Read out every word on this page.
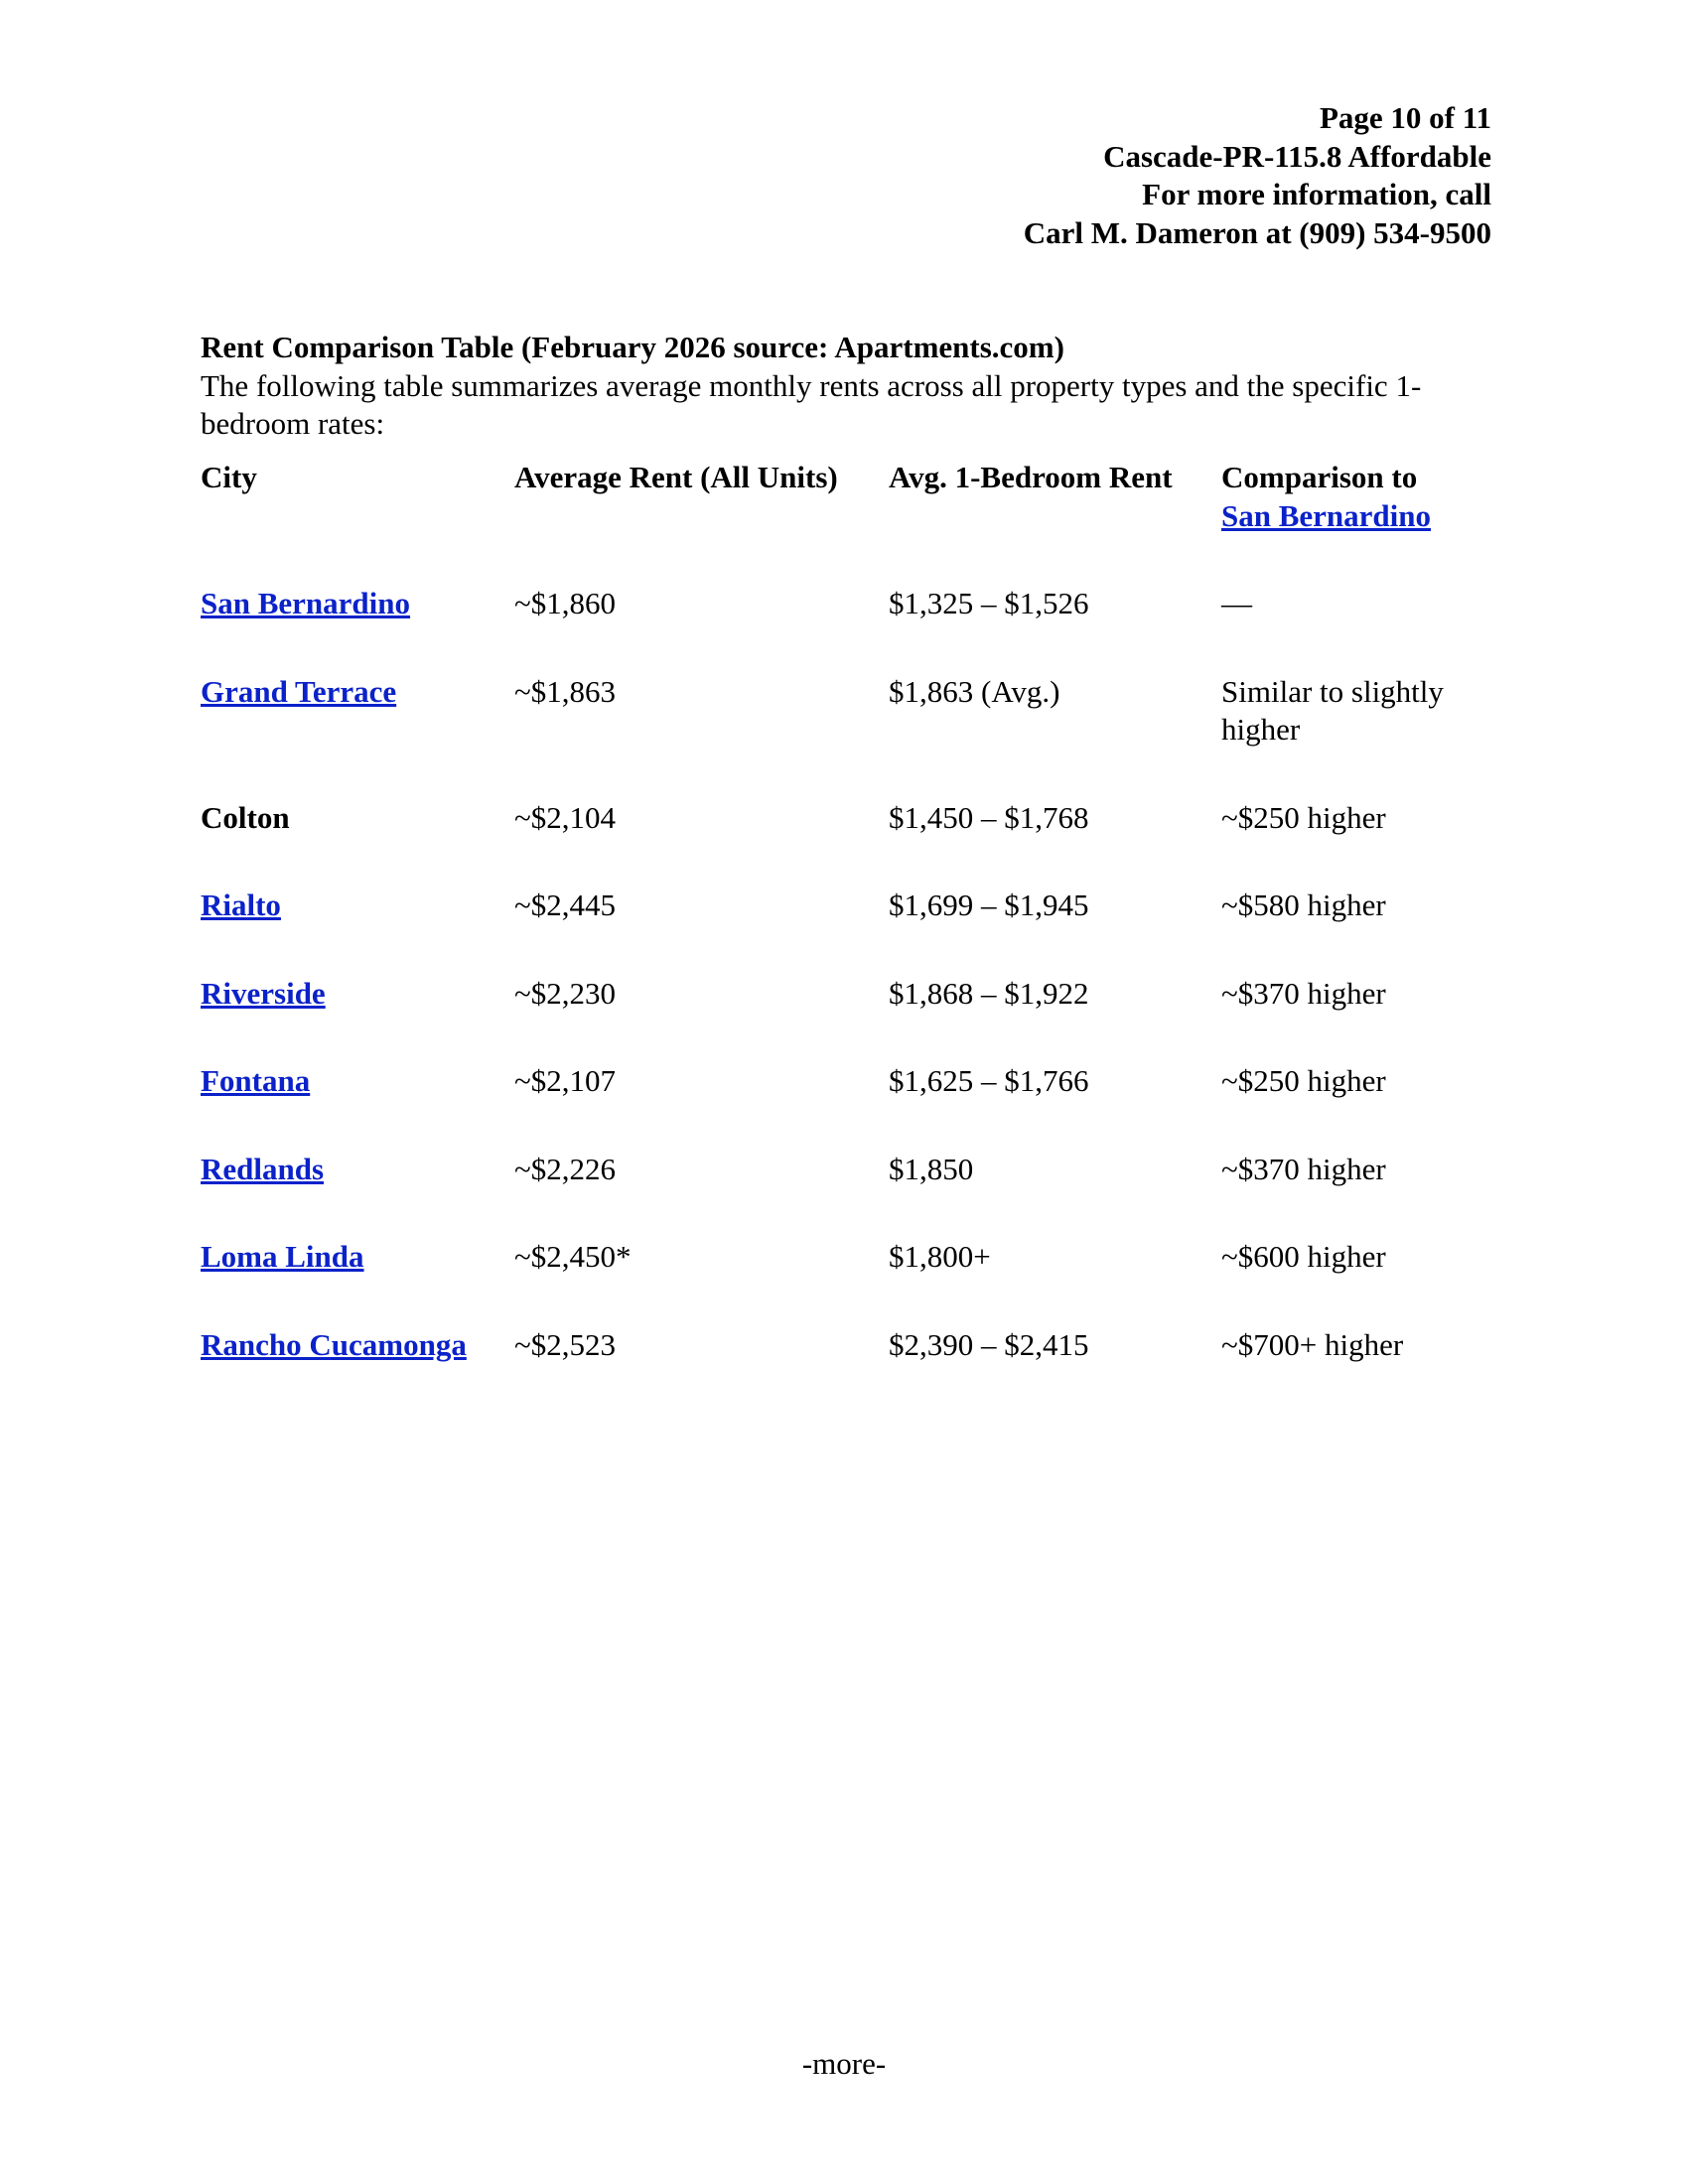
Page 10 of 11
Cascade-PR-115.8 Affordable
For more information, call
Carl M. Dameron at (909) 534-9500
Rent Comparison Table (February 2026 source: Apartments.com)
The following table summarizes average monthly rents across all property types and the specific 1-bedroom rates:
City	Average Rent (All Units)	Avg. 1-Bedroom Rent	Comparison to
San Bernardino
San Bernardino	~$1,860	$1,325 – $1,526	—
Grand Terrace	~$1,863	$1,863 (Avg.)	Similar to slightly higher
Colton	~$2,104	$1,450 – $1,768	~$250 higher
Rialto	~$2,445	$1,699 – $1,945	~$580 higher
Riverside	~$2,230	$1,868 – $1,922	~$370 higher
Fontana	~$2,107	$1,625 – $1,766	~$250 higher
Redlands	~$2,226	$1,850	~$370 higher
Loma Linda	~$2,450*	$1,800+	~$600 higher
Rancho Cucamonga	~$2,523	$2,390 – $2,415	~$700+ higher
-more-
